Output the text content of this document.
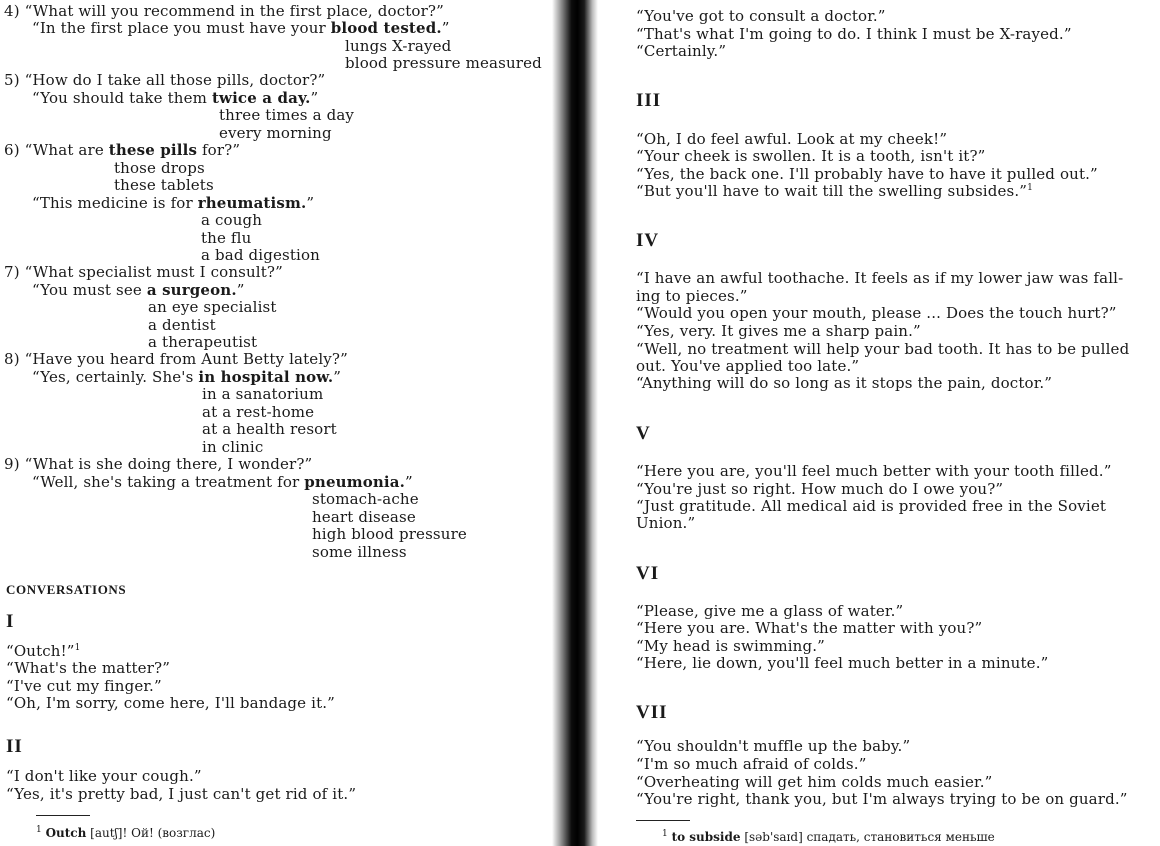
4) “What will you recommend in the first place, doctor?”
“In the first place you must have your blood tested.”
lungs X-rayed
blood pressure measured
5) “How do I take all those pills, doctor?”
“You should take them twice a day.”
three times a day
every morning
6) “What are these pills for?”
those drops
these tablets
“This medicine is for rheumatism.”
a cough
the flu
a bad digestion
7) “What specialist must I consult?”
“You must see a surgeon.”
an eye specialist
a dentist
a therapeutist
8) “Have you heard from Aunt Betty lately?”
“Yes, certainly. She's in hospital now.”
in a sanatorium
at a rest-home
at a health resort
in clinic
9) “What is she doing there, I wonder?”
“Well, she's taking a treatment for pneumonia.”
stomach-ache
heart disease
high blood pressure
some illness
CONVERSATIONS
I
“Outch!”$^1$
“What's the matter?”
“I've cut my finger.”
“Oh, I'm sorry, come here, I'll bandage it.”
II
“I don't like your cough.”
“Yes, it's pretty bad, I just can't get rid of it.”
$^1$ Outch [autʃ]! Ой! (возглас)
“You've got to consult a doctor.”
“That's what I'm going to do. I think I must be X-rayed.”
“Certainly.”
III
“Oh, I do feel awful. Look at my cheek!”
“Your cheek is swollen. It is a tooth, isn't it?”
“Yes, the back one. I'll probably have to have it pulled out.”
“But you'll have to wait till the swelling subsides.”$^1$
IV
“I have an awful toothache. It feels as if my lower jaw was fall-
ing to pieces.”
“Would you open your mouth, please ... Does the touch hurt?”
“Yes, very. It gives me a sharp pain.”
“Well, no treatment will help your bad tooth. It has to be pulled
out. You've applied too late.”
“Anything will do so long as it stops the pain, doctor.”
V
“Here you are, you'll feel much better with your tooth filled.”
“You're just so right. How much do I owe you?”
“Just gratitude. All medical aid is provided free in the Soviet
Union.”
VI
“Please, give me a glass of water.”
“Here you are. What's the matter with you?”
“My head is swimming.”
“Here, lie down, you'll feel much better in a minute.”
VII
“You shouldn't muffle up the baby.”
“I'm so much afraid of colds.”
“Overheating will get him colds much easier.”
“You're right, thank you, but I'm always trying to be on guard.”
$^1$ to subside [səb'saɪd] спадать, становиться меньше
